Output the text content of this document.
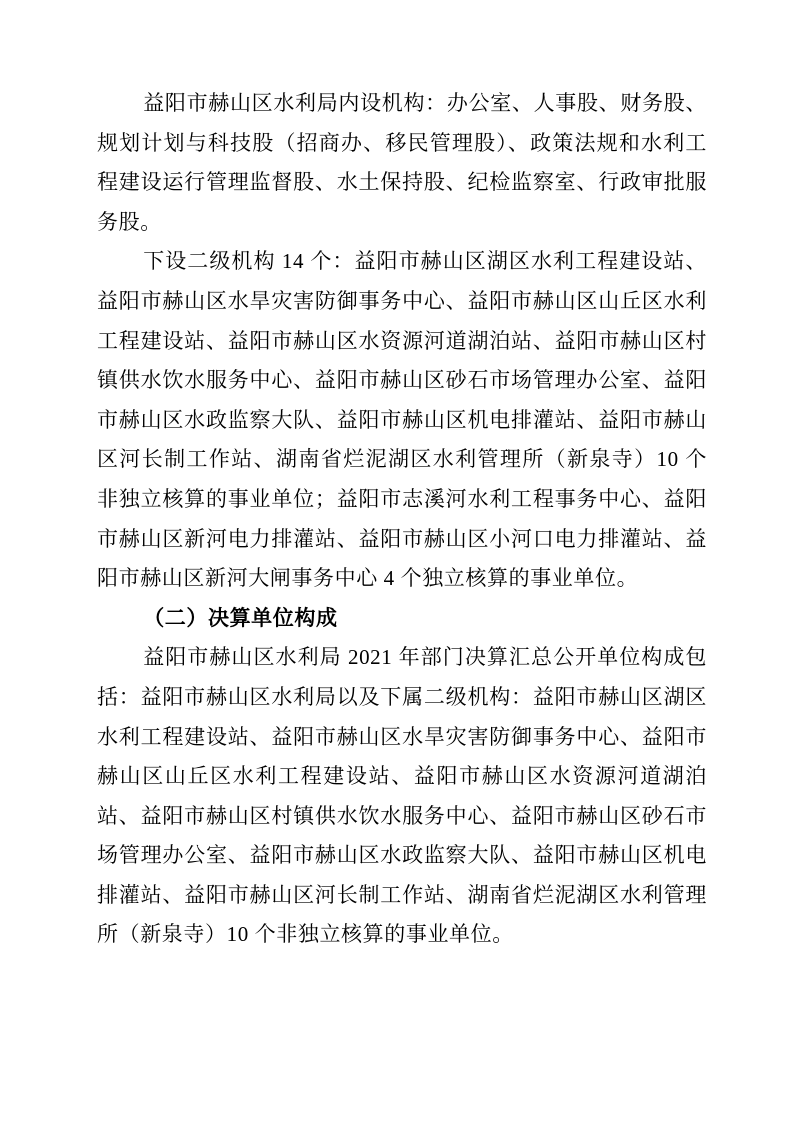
益阳市赫山区水利局内设机构：办公室、人事股、财务股、规划计划与科技股（招商办、移民管理股）、政策法规和水利工程建设运行管理监督股、水土保持股、纪检监察室、行政审批服务股。

下设二级机构 14 个：益阳市赫山区湖区水利工程建设站、益阳市赫山区水旱灾害防御事务中心、益阳市赫山区山丘区水利工程建设站、益阳市赫山区水资源河道湖泊站、益阳市赫山区村镇供水饮水服务中心、益阳市赫山区砂石市场管理办公室、益阳市赫山区水政监察大队、益阳市赫山区机电排灌站、益阳市赫山区河长制工作站、湖南省烂泥湖区水利管理所（新泉寺）10 个非独立核算的事业单位；益阳市志溪河水利工程事务中心、益阳市赫山区新河电力排灌站、益阳市赫山区小河口电力排灌站、益阳市赫山区新河大闸事务中心 4 个独立核算的事业单位。

（二）决算单位构成

益阳市赫山区水利局 2021 年部门决算汇总公开单位构成包括：益阳市赫山区水利局以及下属二级机构：益阳市赫山区湖区水利工程建设站、益阳市赫山区水旱灾害防御事务中心、益阳市赫山区山丘区水利工程建设站、益阳市赫山区水资源河道湖泊站、益阳市赫山区村镇供水饮水服务中心、益阳市赫山区砂石市场管理办公室、益阳市赫山区水政监察大队、益阳市赫山区机电排灌站、益阳市赫山区河长制工作站、湖南省烂泥湖区水利管理所（新泉寺）10 个非独立核算的事业单位。
